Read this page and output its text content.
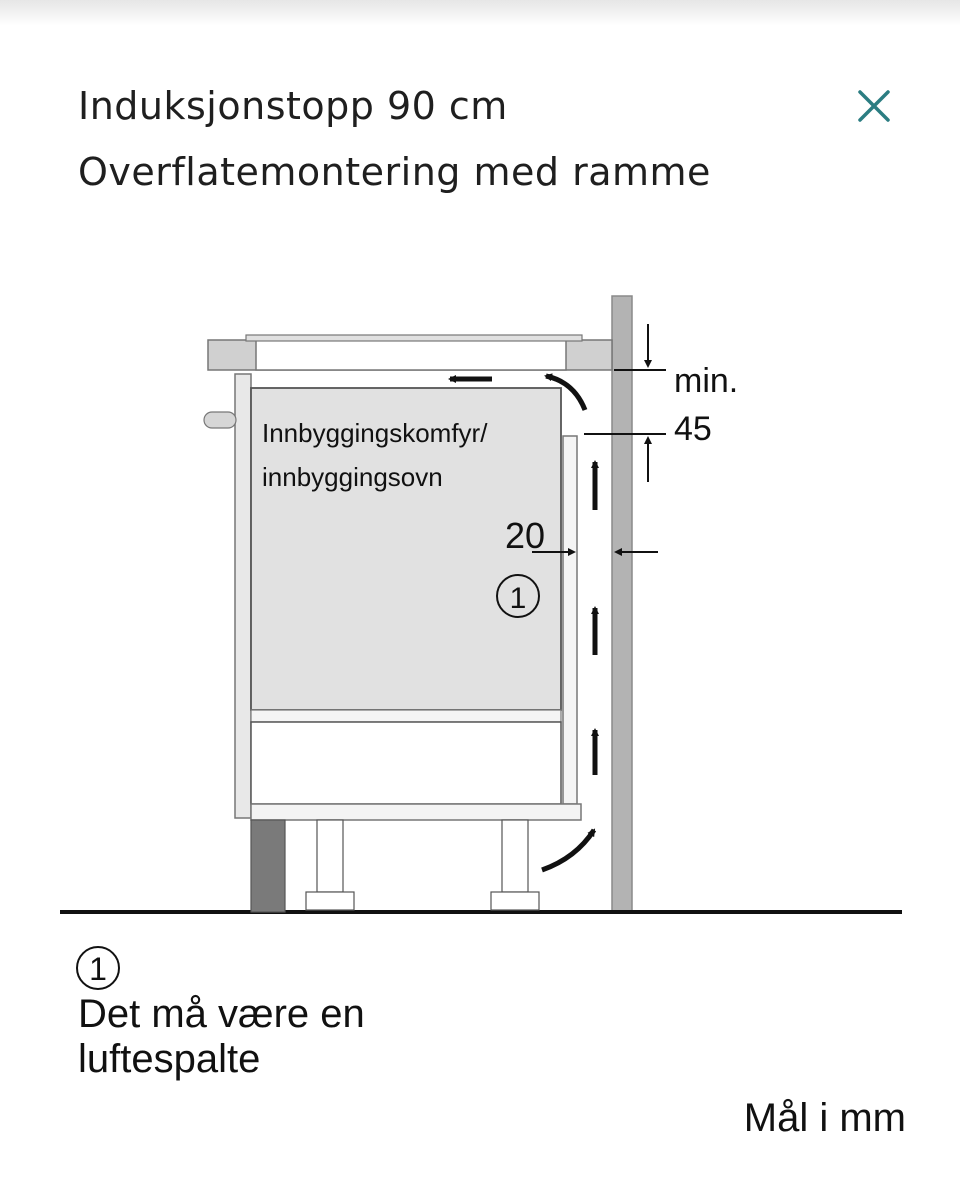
Induksjonstopp 90 cm
Overflatemontering med ramme
Innbyggingskomfyr/
innbyggingsovn
20
min.
45
1
1
Det må være en luftespalte
Mål i mm
